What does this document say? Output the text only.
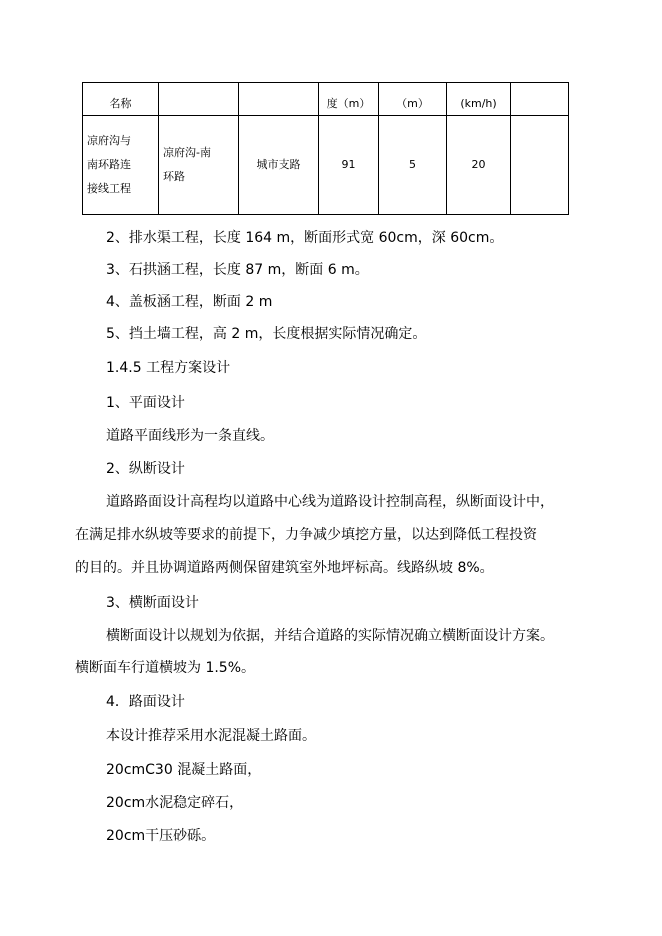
名称			度（m）	（m）	(km/h)	

凉府沟与
南环路连
接线工程	凉府沟-南
环路	城市支路	91	5	20	
2、排水渠工程，长度 164 m，断面形式宽 60cm，深 60cm。
3、石拱涵工程，长度 87 m，断面 6 m。
4、盖板涵工程，断面 2 m
5、挡土墙工程，高 2 m，长度根据实际情况确定。
1.4.5 工程方案设计
1、平面设计
道路平面线形为一条直线。
2、纵断设计
道路路面设计高程均以道路中心线为道路设计控制高程，纵断面设计中，
在满足排水纵坡等要求的前提下，力争减少填挖方量，以达到降低工程投资
的目的。并且协调道路两侧保留建筑室外地坪标高。线路纵坡 8%。
3、横断面设计
横断面设计以规划为依据，并结合道路的实际情况确立横断面设计方案。
横断面车行道横坡为 1.5%。
4．路面设计
本设计推荐采用水泥混凝土路面。
20cmC30 混凝土路面，
20cm水泥稳定碎石，
20cm干压砂砾。
